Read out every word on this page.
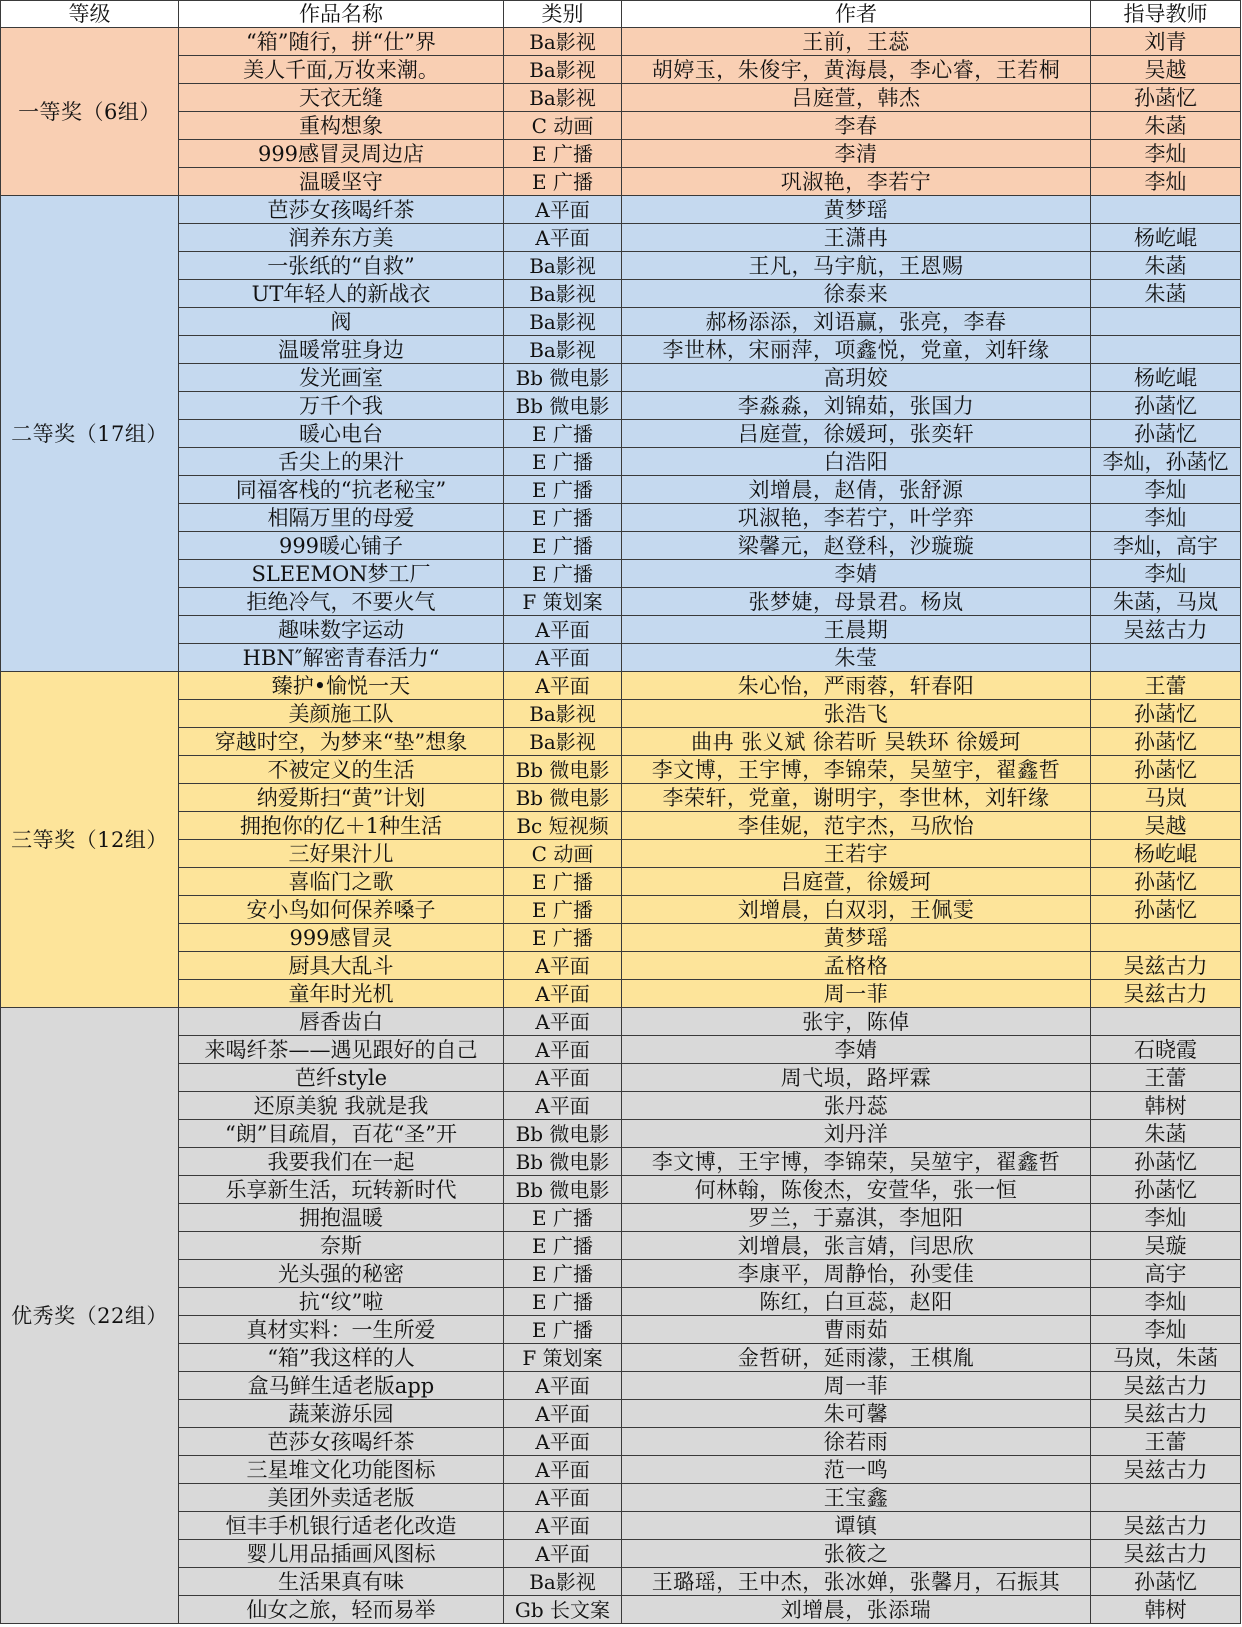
等级	作品名称	类别	作者	指导教师
一等奖（6组）	“箱”随行，拼“仕”界	Ba影视	王前，王蕊	刘青
	美人千面,万妆来潮。	Ba影视	胡婷玉，朱俊宇，黄海晨，李心睿，王若桐	吴越
	天衣无缝	Ba影视	吕庭萱，韩杰	孙菡忆
	重构想象	C 动画	李春	朱菡
	999感冒灵周边店	E 广播	李清	李灿
	温暖坚守	E 广播	巩淑艳，李若宁	李灿
二等奖（17组）	芭莎女孩喝纤茶	A平面	黄梦瑶	
	润养东方美	A平面	王潇冉	杨屹崐
	一张纸的“自救”	Ba影视	王凡，马宇航，王恩赐	朱菡
	UT年轻人的新战衣	Ba影视	徐泰来	朱菡
	阀	Ba影视	郝杨添添，刘语赢，张亮，李春	
	温暖常驻身边	Ba影视	李世林，宋丽萍，项鑫悦，党童，刘轩缘	
	发光画室	Bb 微电影	高玥姣	杨屹崐
	万千个我	Bb 微电影	李淼淼，刘锦茹，张国力	孙菡忆
	暖心电台	E 广播	吕庭萱，徐媛珂，张奕轩	孙菡忆
	舌尖上的果汁	E 广播	白浩阳	李灿，孙菡忆
	同福客栈的“抗老秘宝”	E 广播	刘增晨，赵倩，张舒源	李灿
	相隔万里的母爱	E 广播	巩淑艳，李若宁，叶学弈	李灿
	999暖心铺子	E 广播	梁馨元，赵登科，沙璇璇	李灿，高宇
	SLEEMON梦工厂	E 广播	李婧	李灿
	拒绝冷气，不要火气	F 策划案	张梦婕，母景君。杨岚	朱菡，马岚
	趣味数字运动	A平面	王晨期	吴兹古力
	HBN″解密青春活力“	A平面	朱莹	
三等奖（12组）	臻护•愉悦一天	A平面	朱心怡，严雨蓉，轩春阳	王蕾
	美颜施工队	Ba影视	张浩飞	孙菡忆
	穿越时空，为梦来“垫”想象	Ba影视	曲冉 张义斌 徐若昕 吴轶环 徐媛珂	孙菡忆
	不被定义的生活	Bb 微电影	李文博，王宇博，李锦荣，吴堃宇，翟鑫哲	孙菡忆
	纳爱斯扫“黄”计划	Bb 微电影	李荣轩，党童，谢明宇，李世林，刘轩缘	马岚
	拥抱你的亿＋1种生活	Bc 短视频	李佳妮，范宇杰，马欣怡	吴越
	三好果汁儿	C 动画	王若宇	杨屹崐
	喜临门之歌	E 广播	吕庭萱，徐媛珂	孙菡忆
	安小鸟如何保养嗓子	E 广播	刘增晨，白双羽，王佩雯	孙菡忆
	999感冒灵	E 广播	黄梦瑶	
	厨具大乱斗	A平面	孟格格	吴兹古力
	童年时光机	A平面	周一菲	吴兹古力
优秀奖（22组）	唇香齿白	A平面	张宇，陈倬	
	来喝纤茶——遇见跟好的自己	A平面	李婧	石晓霞
	芭纤style	A平面	周弋埙，路坪霖	王蕾
	还原美貌 我就是我	A平面	张丹蕊	韩树
	“朗”目疏眉，百花“圣”开	Bb 微电影	刘丹洋	朱菡
	我要我们在一起	Bb 微电影	李文博，王宇博，李锦荣，吴堃宇，翟鑫哲	孙菡忆
	乐享新生活，玩转新时代	Bb 微电影	何林翰，陈俊杰，安萱华，张一恒	孙菡忆
	拥抱温暖	E 广播	罗兰，于嘉淇，李旭阳	李灿
	奈斯	E 广播	刘增晨，张言婧，闫思欣	吴璇
	光头强的秘密	E 广播	李康平，周静怡，孙雯佳	高宇
	抗“纹”啦	E 广播	陈红，白亘蕊，赵阳	李灿
	真材实料：一生所爱	E 广播	曹雨茹	李灿
	“箱”我这样的人	F 策划案	金哲研，延雨濛，王棋胤	马岚，朱菡
	盒马鲜生适老版app	A平面	周一菲	吴兹古力
	蔬莱游乐园	A平面	朱可馨	吴兹古力
	芭莎女孩喝纤茶	A平面	徐若雨	王蕾
	三星堆文化功能图标	A平面	范一鸣	吴兹古力
	美团外卖适老版	A平面	王宝鑫	
	恒丰手机银行适老化改造	A平面	谭镇	吴兹古力
	婴儿用品插画风图标	A平面	张筱之	吴兹古力
	生活果真有味	Ba影视	王璐瑶，王中杰，张冰婵，张馨月，石振其	孙菡忆
	仙女之旅，轻而易举	Gb 长文案	刘增晨，张添瑞	韩树
